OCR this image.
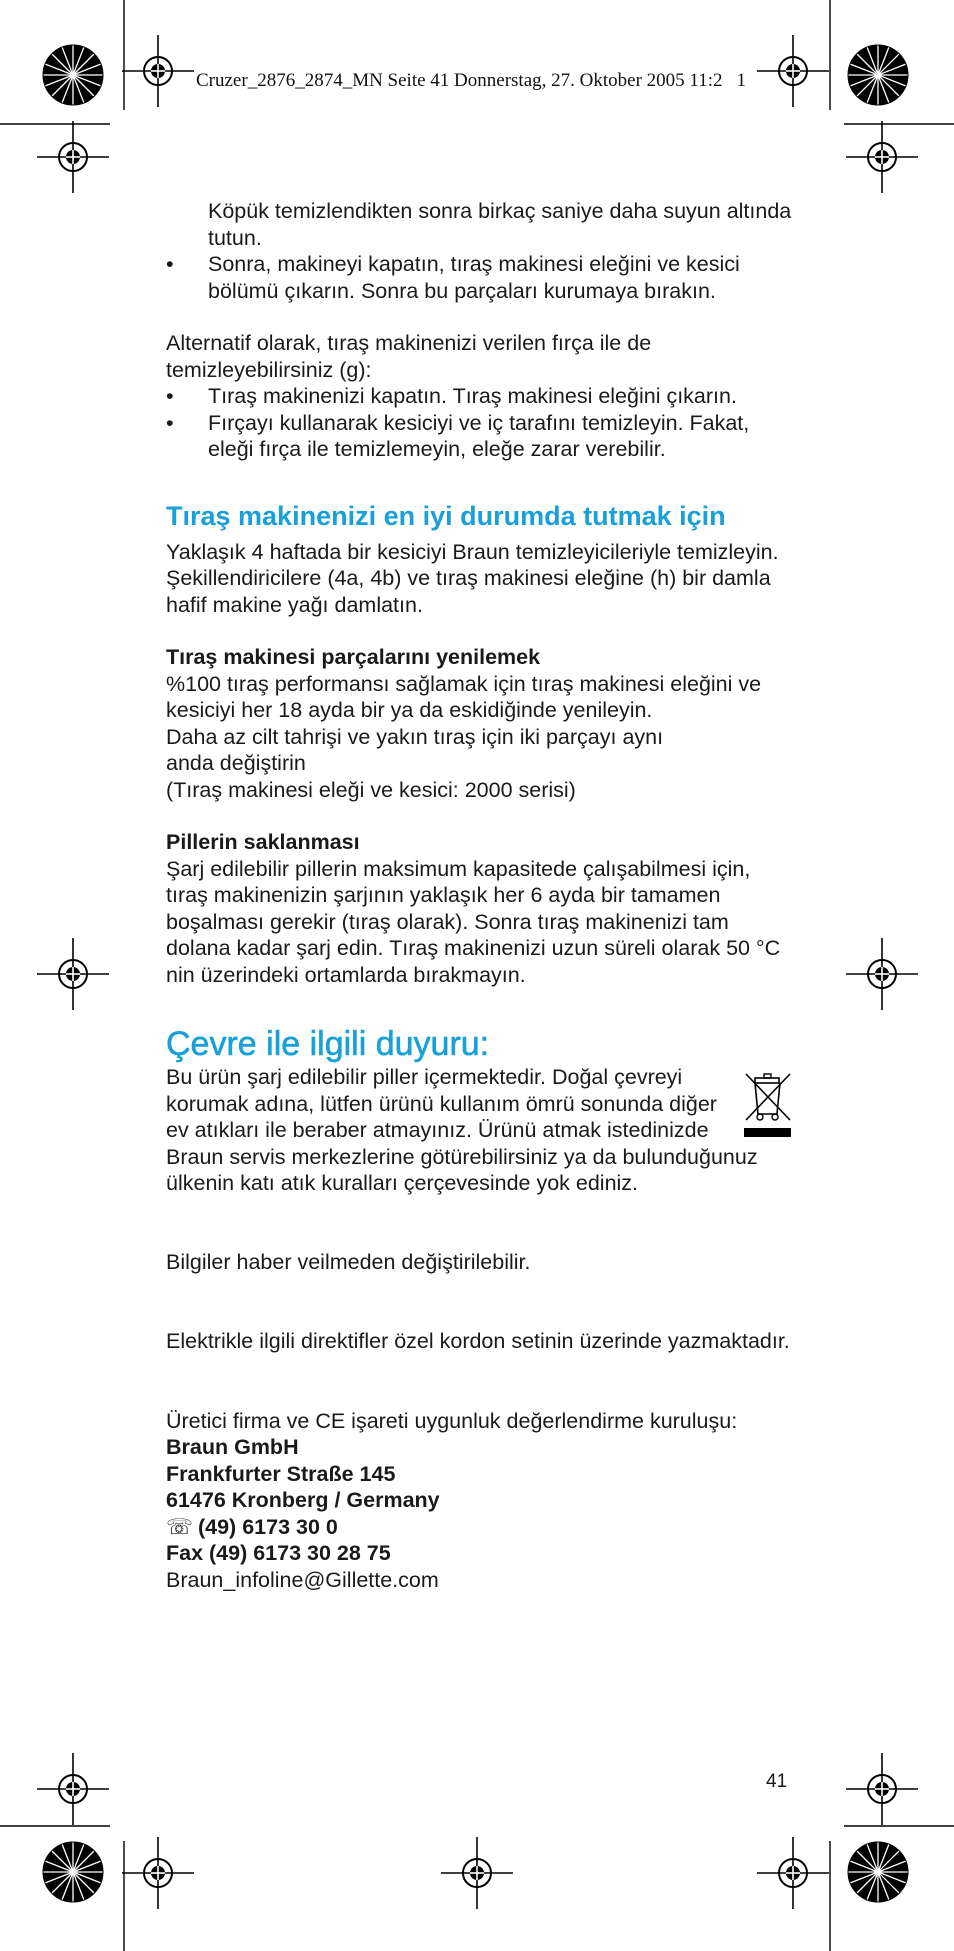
Cruzer_2876_2874_MN Seite 41 Donnerstag, 27. Oktober 2005 11:2 1

Köpük temizlendikten sonra birkaç saniye daha suyun altında tutun.

• Sonra, makineyi kapatın, tıraş makinesi eleğini ve kesici bölümü çıkarın. Sonra bu parçaları kurumaya bırakın.

Alternatif olarak, tıraş makinenizi verilen fırça ile de temizleyebilirsiniz (g):

• Tıraş makinenizi kapatın. Tıraş makinesi eleğini çıkarın.
• Fırçayı kullanarak kesiciyi ve iç tarafını temizleyin. Fakat, eleği fırça ile temizlemeyin, eleğe zarar verebilir.
Tıraş makinenizi en iyi durumda tutmak için

Yaklaşık 4 haftada bir kesiciyi Braun temizleyicileriyle temizleyin. Şekillendiricilere (4a, 4b) ve tıraş makinesi eleğine (h) bir damla hafif makine yağı damlatın.

Tıraş makinesi parçalarını yenilemek

%100 tıraş performansı sağlamak için tıraş makinesi eleğini ve kesiciyi her 18 ayda bir ya da eskidiğinde yenileyin.

Daha az cilt tahrişi ve yakın tıraş için iki parçayı aynı

anda değiştirin

(Tıraş makinesi eleği ve kesici: 2000 serisi)

Pillerin saklanması

Şarj edilebilir pillerin maksimum kapasitede çalışabilmesi için, tıraş makinenizin şarjının yaklaşık her 6 ayda bir tamamen boşalması gerekir (tıraş olarak). Sonra tıraş makinenizi tam dolana kadar şarj edin. Tıraş makinenizi uzun süreli olarak 50 °C nin üzerindeki ortamlarda bırakmayın.

Çevre ile ilgili duyuru:

Bu ürün şarj edilebilir piller içermektedir. Doğal çevreyi korumak adına, lütfen ürünü kullanım ömrü sonunda diğer ev atıkları ile beraber atmayınız. Ürünü atmak istedinizde Braun servis merkezlerine götürebilirsiniz ya da bulunduğunuz ülkenin katı atık kuralları çerçevesinde yok ediniz.

Bilgiler haber veilmeden değiştirilebilir.

Elektrikle ilgili direktifler özel kordon setinin üzerinde yazmaktadır.

Üretici firma ve CE işareti uygunluk değerlendirme kuruluşu:

Braun GmbH

Frankfurter Straße 145

61476 Kronberg / Germany

☏ (49) 6173 30 0

Fax (49) 6173 30 28 75

Braun_infoline@Gillette.com

41
